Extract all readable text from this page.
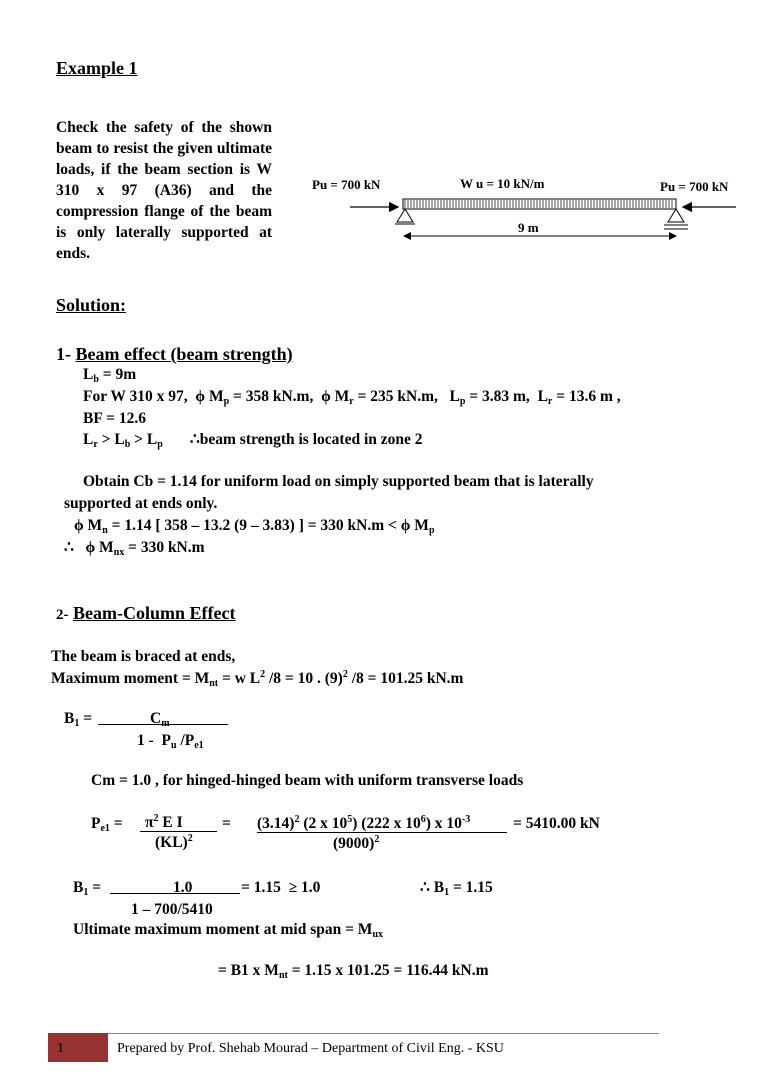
Example 1
Check the safety of the shown beam to resist the given ultimate loads, if the beam section is W 310 x 97 (A36) and the compression flange of the beam is only laterally supported at ends.
Pu = 700 kN	W u = 10 kN/m	Pu = 700 kN
9 m
Solution:
1- Beam effect (beam strength)
$L_b = 9m$
For W 310 x 97,  ϕ $M_p = 358$ kN.m,  ϕ $M_r = 235$ kN.m,   $L_p = 3.83$ m,  $L_r = 13.6$ m ,
BF = 12.6
$L_r > L_b > L_p$       ∴beam strength is located in zone 2
Obtain Cb = 1.14 for uniform load on simply supported beam that is laterally
supported at ends only.
ϕ $M_n = 1.14$ [ 358 – 13.2 (9 – 3.83) ] = 330 kN.m < ϕ $M_p$
∴   ϕ $M_{nx} = 330$ kN.m
2- Beam-Column Effect
The beam is braced at ends,
Maximum moment = $M_{nt} = w$ $L^2$ /8 = 10 . $(9)^2$ /8 = 101.25 kN.m
$B_1$ =	$C_m$
$1 - P_u$ $/P_{e1}$
Cm = 1.0 , for hinged-hinged beam with uniform transverse loads
$P_{e1} = \pi^2$ E I
(KL)$^2$
= $(3.14)^2$ (2 x $10^5$) (222 x $10^6$) x $10^{-3}$
$(9000)^2$
= 5410.00 kN
$B_1$ =	1.0	= 1.15  ≥ 1.0	∴ $B_1 = 1.15$
1 – 700/5410
Ultimate maximum moment at mid span = $M_{ux}$
= B1 x $M_{nt} = 1.15$ x 101.25 = 116.44 kN.m
1	Prepared by Prof. Shehab Mourad – Department of Civil Eng. - KSU
